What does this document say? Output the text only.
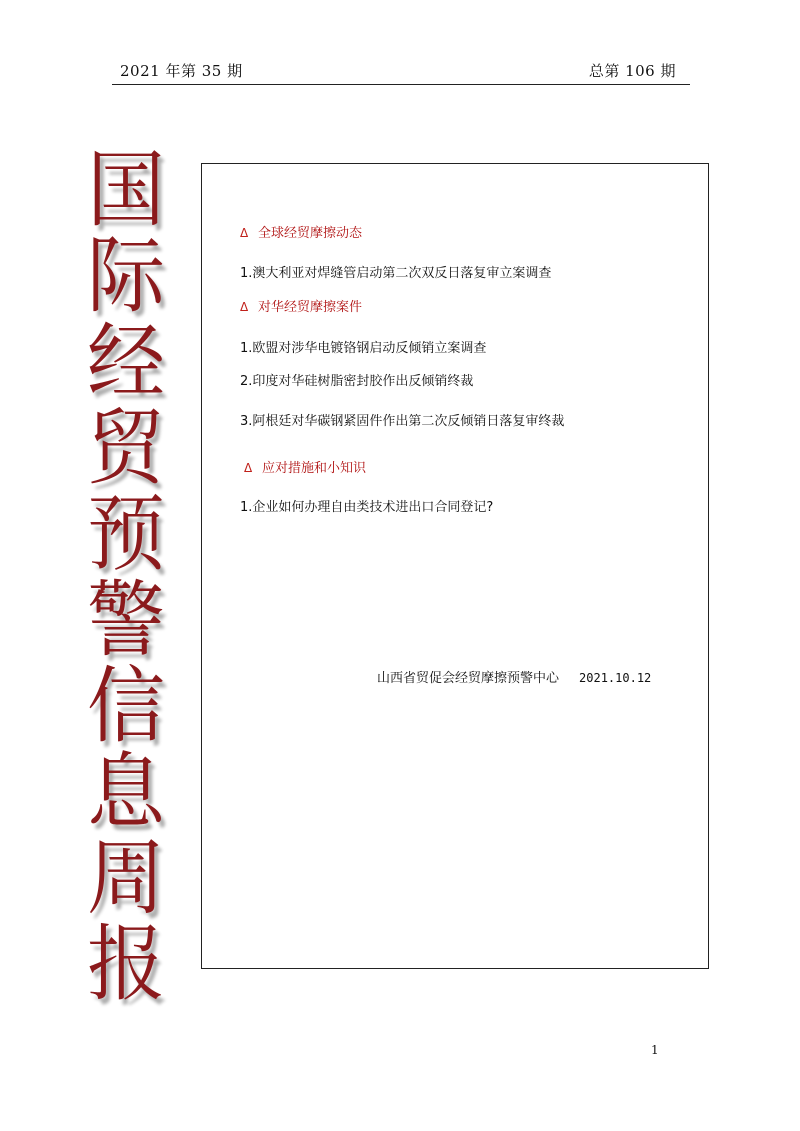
2021 年第 35 期	总第 106 期
国
际
经
贸
预
警
信
息
周
报
Δ 全球经贸摩擦动态
1.澳大利亚对焊缝管启动第二次双反日落复审立案调查
Δ 对华经贸摩擦案件
1.欧盟对涉华电镀铬钢启动反倾销立案调查
2.印度对华硅树脂密封胶作出反倾销终裁
3.阿根廷对华碳钢紧固件作出第二次反倾销日落复审终裁
Δ 应对措施和小知识
1.企业如何办理自由类技术进出口合同登记?
山西省贸促会经贸摩擦预警中心 2021.10.12
1
